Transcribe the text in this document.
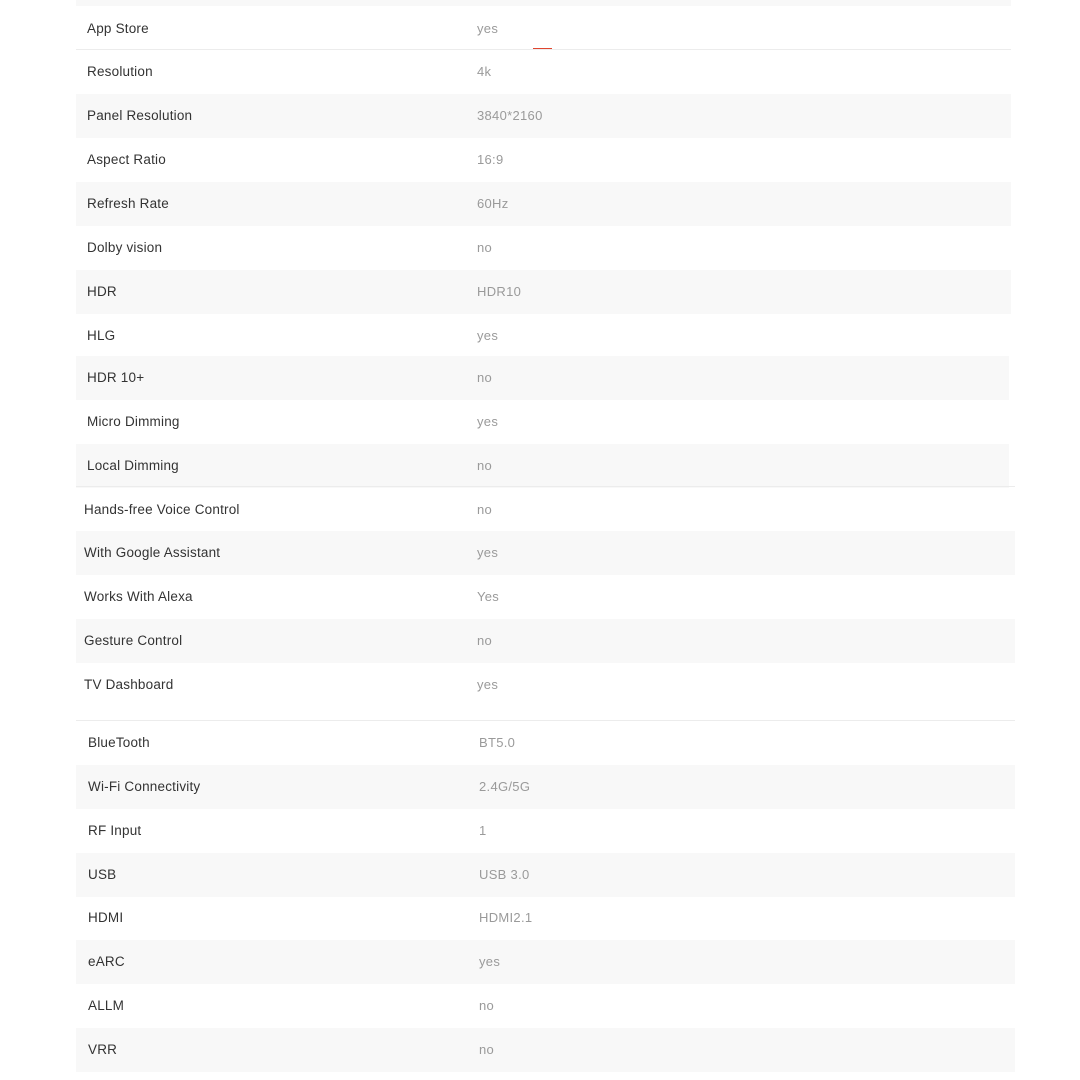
App Store	yes
Resolution	4k
Panel Resolution	3840*2160
Aspect Ratio	16:9
Refresh Rate	60Hz
Dolby vision	no
HDR	HDR10
HLG	yes
HDR 10+	no
Micro Dimming	yes
Local Dimming	no
Hands-free Voice Control	no
With Google Assistant	yes
Works With Alexa	Yes
Gesture Control	no
TV Dashboard	yes
BlueTooth	BT5.0
Wi-Fi Connectivity	2.4G/5G
RF Input	1
USB	USB 3.0
HDMI	HDMI2.1
eARC	yes
ALLM	no
VRR	no
